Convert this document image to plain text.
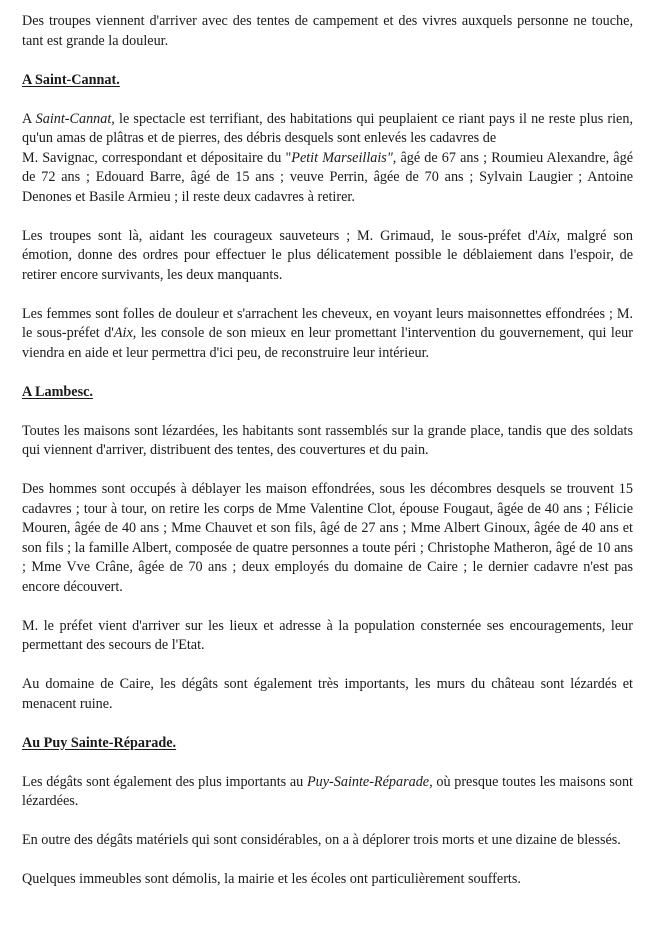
Des troupes viennent d'arriver avec des tentes de campement et des vivres auxquels personne ne touche, tant est grande la douleur.

A Saint-Cannat.

A Saint-Cannat, le spectacle est terrifiant, des habitations qui peuplaient ce riant pays il ne reste plus rien, qu'un amas de plâtras et de pierres, des débris desquels sont enlevés les cadavres de
M. Savignac, correspondant et dépositaire du "Petit Marseillais", âgé de 67 ans ; Roumieu Alexandre, âgé de 72 ans ; Edouard Barre, âgé de 15 ans ; veuve Perrin, âgée de 70 ans ; Sylvain Laugier ; Antoine Denones et Basile Armieu ; il reste deux cadavres à retirer.

Les troupes sont là, aidant les courageux sauveteurs ; M. Grimaud, le sous-préfet d'Aix, malgré son émotion, donne des ordres pour effectuer le plus délicatement possible le déblaiement dans l'espoir, de retirer encore survivants, les deux manquants.

Les femmes sont folles de douleur et s'arrachent les cheveux, en voyant leurs maisonnettes effondrées ; M. le sous-préfet d'Aix, les console de son mieux en leur promettant l'intervention du gouvernement, qui leur viendra en aide et leur permettra d'ici peu, de reconstruire leur intérieur.

A Lambesc.

Toutes les maisons sont lézardées, les habitants sont rassemblés sur la grande place, tandis que des soldats qui viennent d'arriver, distribuent des tentes, des couvertures et du pain.

Des hommes sont occupés à déblayer les maison effondrées, sous les décombres desquels se trouvent 15 cadavres ; tour à tour, on retire les corps de Mme Valentine Clot, épouse Fougaut, âgée de 40 ans ; Félicie Mouren, âgée de 40 ans ; Mme Chauvet et son fils, âgé de 27 ans ; Mme Albert Ginoux, âgée de 40 ans et son fils ; la famille Albert, composée de quatre personnes a toute péri ; Christophe Matheron, âgé de 10 ans ; Mme Vve Crâne, âgée de 70 ans ; deux employés du domaine de Caire ; le dernier cadavre n'est pas encore découvert.

M. le préfet vient d'arriver sur les lieux et adresse à la population consternée ses encouragements, leur permettant des secours de l'Etat.

Au domaine de Caire, les dégâts sont également très importants, les murs du château sont lézardés et menacent ruine.

Au Puy Sainte-Réparade.

Les dégâts sont également des plus importants au Puy-Sainte-Réparade, où presque toutes les maisons sont lézardées.

En outre des dégâts matériels qui sont considérables, on a à déplorer trois morts et une dizaine de blessés.

Quelques immeubles sont démolis, la mairie et les écoles ont particulièrement soufferts.
